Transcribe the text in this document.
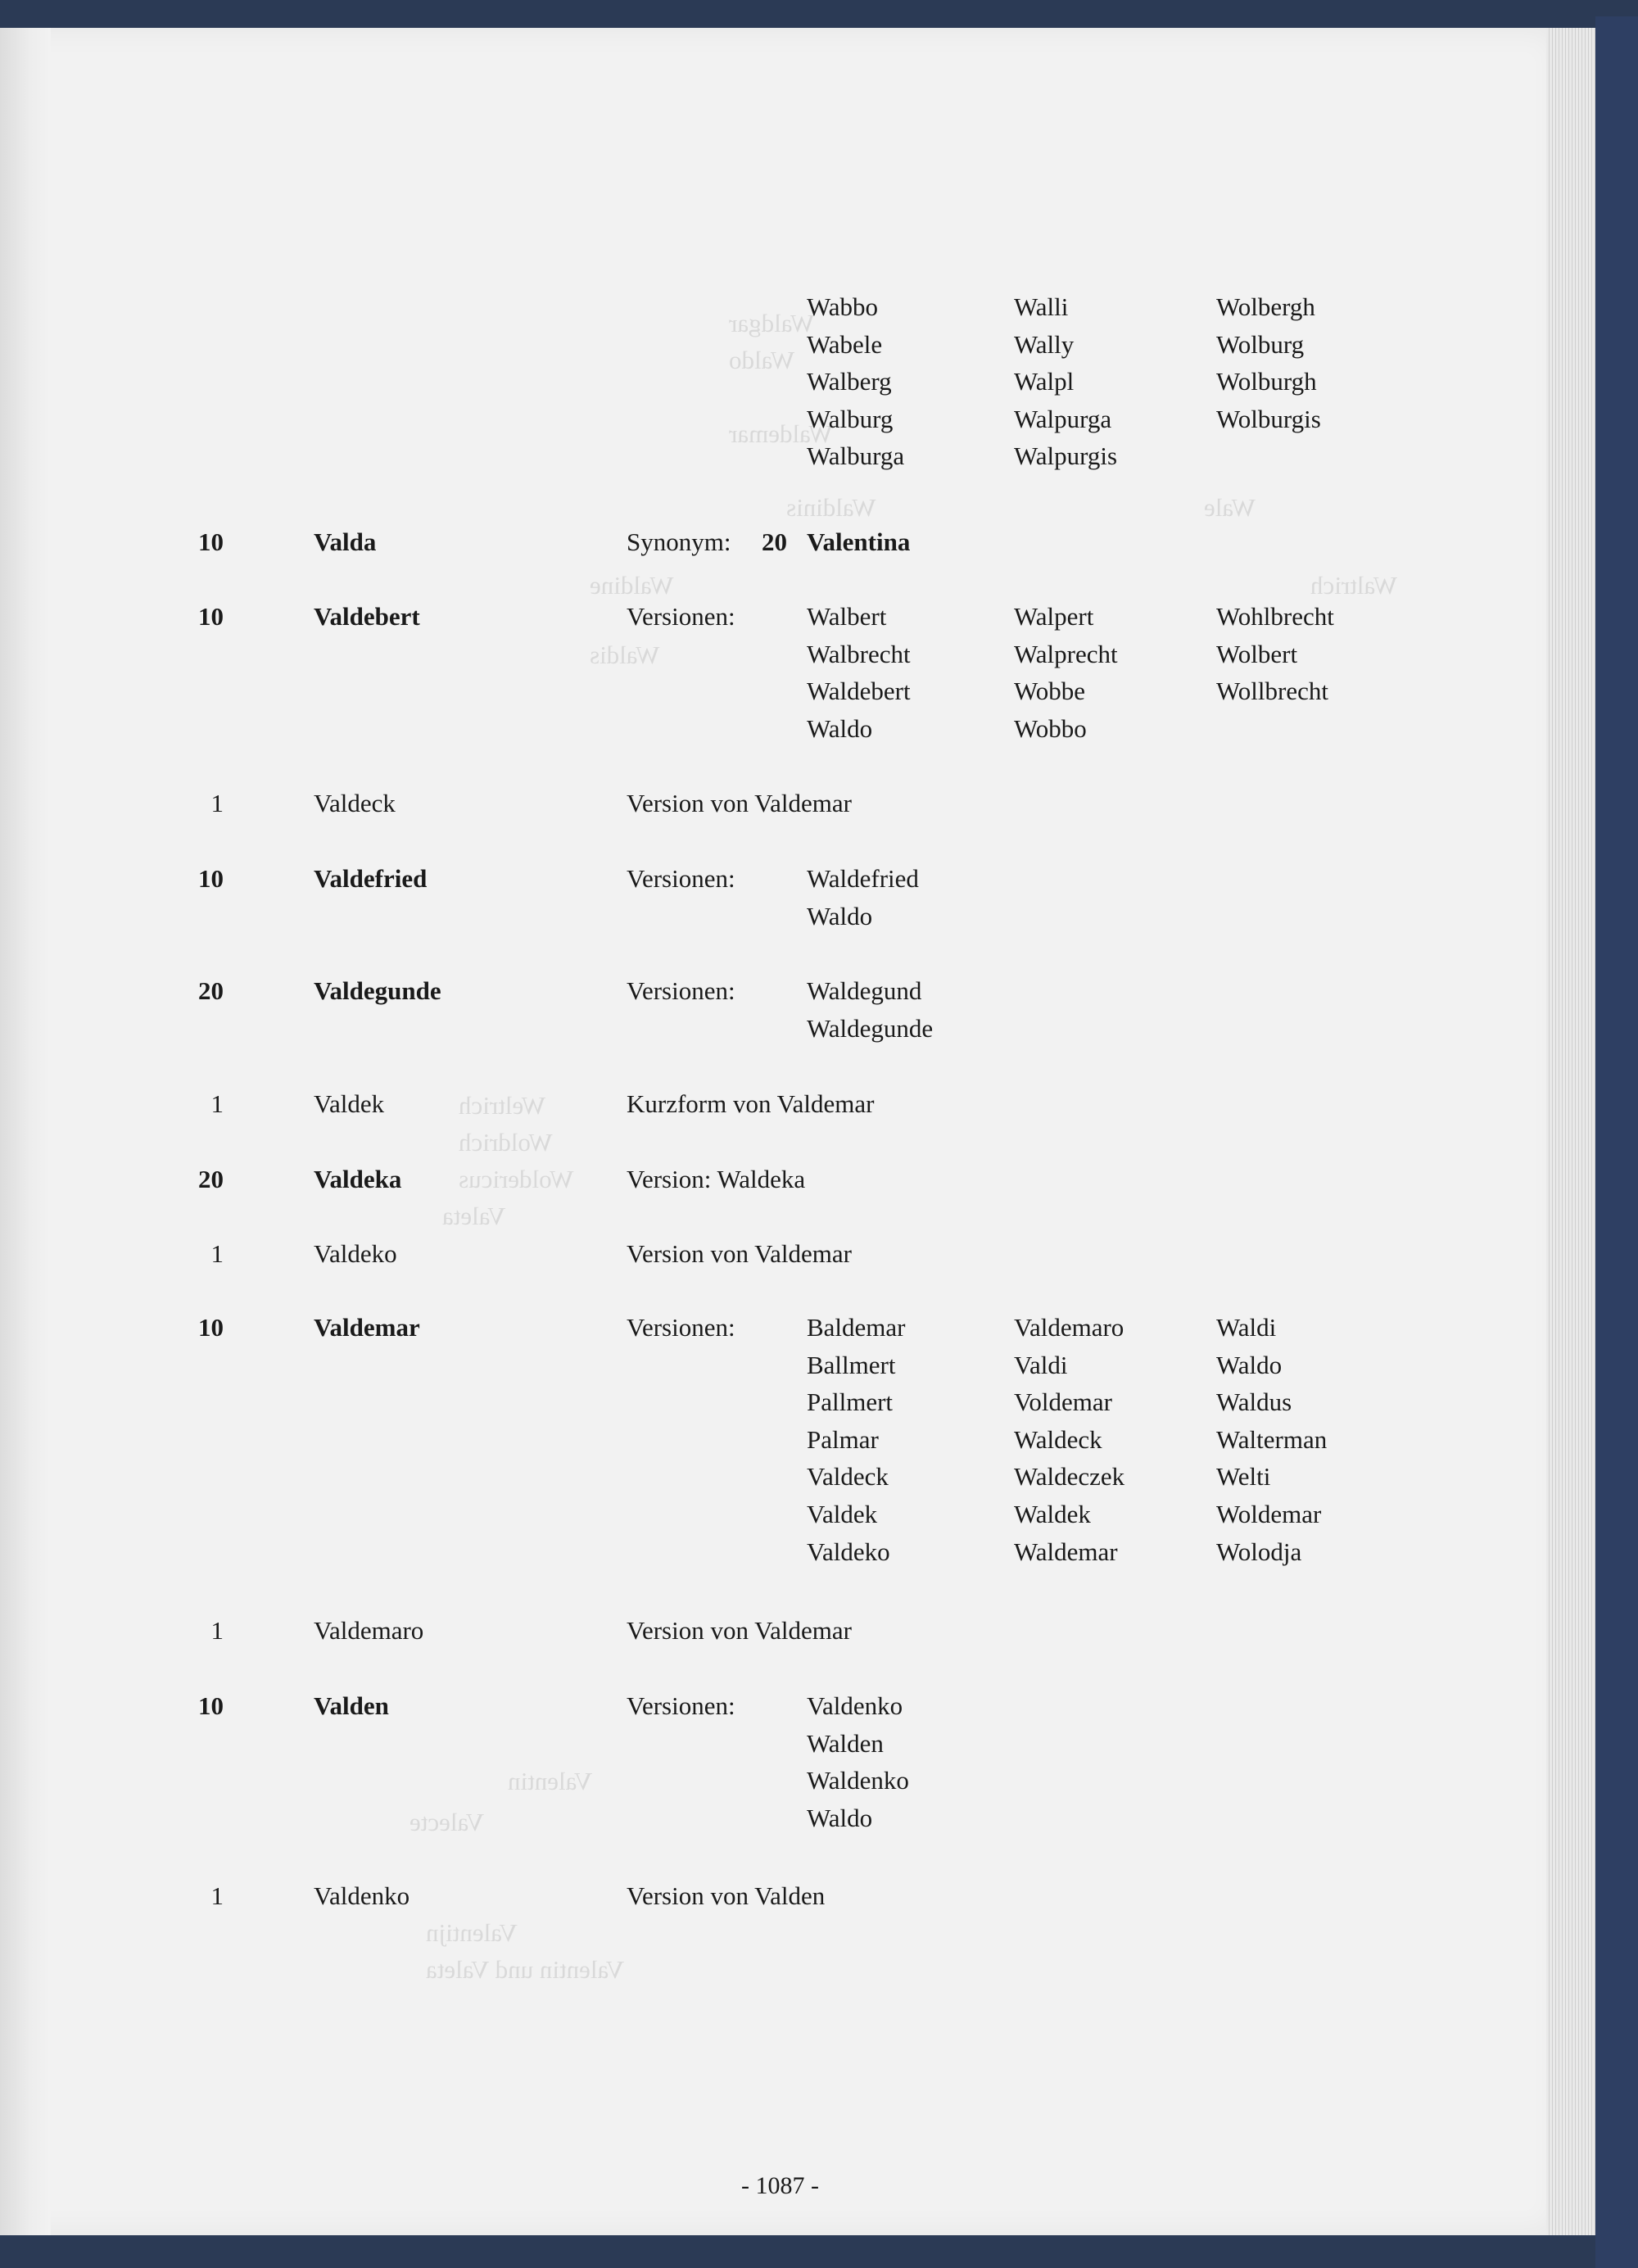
Waldgar
Waldo
Waldemar
Waldinis
Waldine
Waldis
Wale
Waltrich
Weltrich
Woldrich
Woldericus
Valeta
Valentijn
Valentin und Valeta
Valentin
Valecte
Wabbo	Walli	Wolbergh
Wabele	Wally	Wolburg
Walberg	Walpl	Wolburgh
Walburg	Walpurga	Wolburgis
Walburga	Walpurgis
10	Valda	Synonym: 20 Valentina
10	Valdebert	Versionen:	Walbert	Walpert	Wohlbrecht
Walbrecht	Walprecht	Wolbert
Waldebert	Wobbe	Wollbrecht
Waldo	Wobbo
1	Valdeck	Version von Valdemar
10	Valdefried	Versionen:	Waldefried
Waldo
20	Valdegunde	Versionen:	Waldegund
Waldegunde
1	Valdek	Kurzform von Valdemar
20	Valdeka	Version: Waldeka
1	Valdeko	Version von Valdemar
10	Valdemar	Versionen:	Baldemar	Valdemaro	Waldi
Ballmert	Valdi	Waldo
Pallmert	Voldemar	Waldus
Palmar	Waldeck	Walterman
Valdeck	Waldeczek	Welti
Valdek	Waldek	Woldemar
Valdeko	Waldemar	Wolodja
1	Valdemaro	Version von Valdemar
10	Valden	Versionen:	Valdenko
Walden
Waldenko
Waldo
1	Valdenko	Version von Valden
- 1087 -
